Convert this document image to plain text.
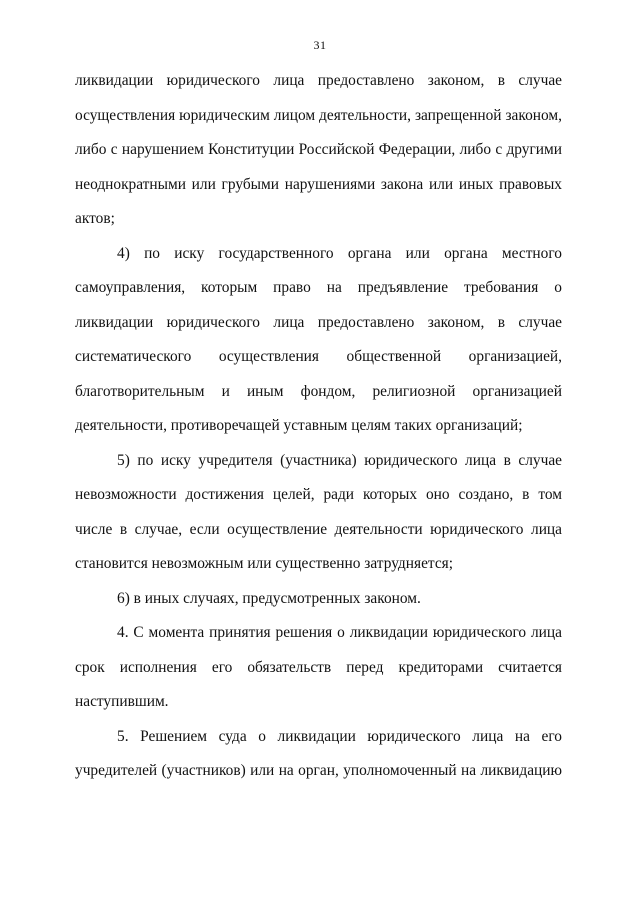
31

ликвидации юридического лица предоставлено законом, в случае осуществления юридическим лицом деятельности, запрещенной законом, либо с нарушением Конституции Российской Федерации, либо с другими неоднократными или грубыми нарушениями закона или иных правовых актов;

4) по иску государственного органа или органа местного самоуправления, которым право на предъявление требования о ликвидации юридического лица предоставлено законом, в случае систематического осуществления общественной организацией, благотворительным и иным фондом, религиозной организацией деятельности, противоречащей уставным целям таких организаций;

5) по иску учредителя (участника) юридического лица в случае невозможности достижения целей, ради которых оно создано, в том числе в случае, если осуществление деятельности юридического лица становится невозможным или существенно затрудняется;

6) в иных случаях, предусмотренных законом.

4. С момента принятия решения о ликвидации юридического лица срок исполнения его обязательств перед кредиторами считается наступившим.

5. Решением суда о ликвидации юридического лица на его учредителей (участников) или на орган, уполномоченный на ликвидацию
